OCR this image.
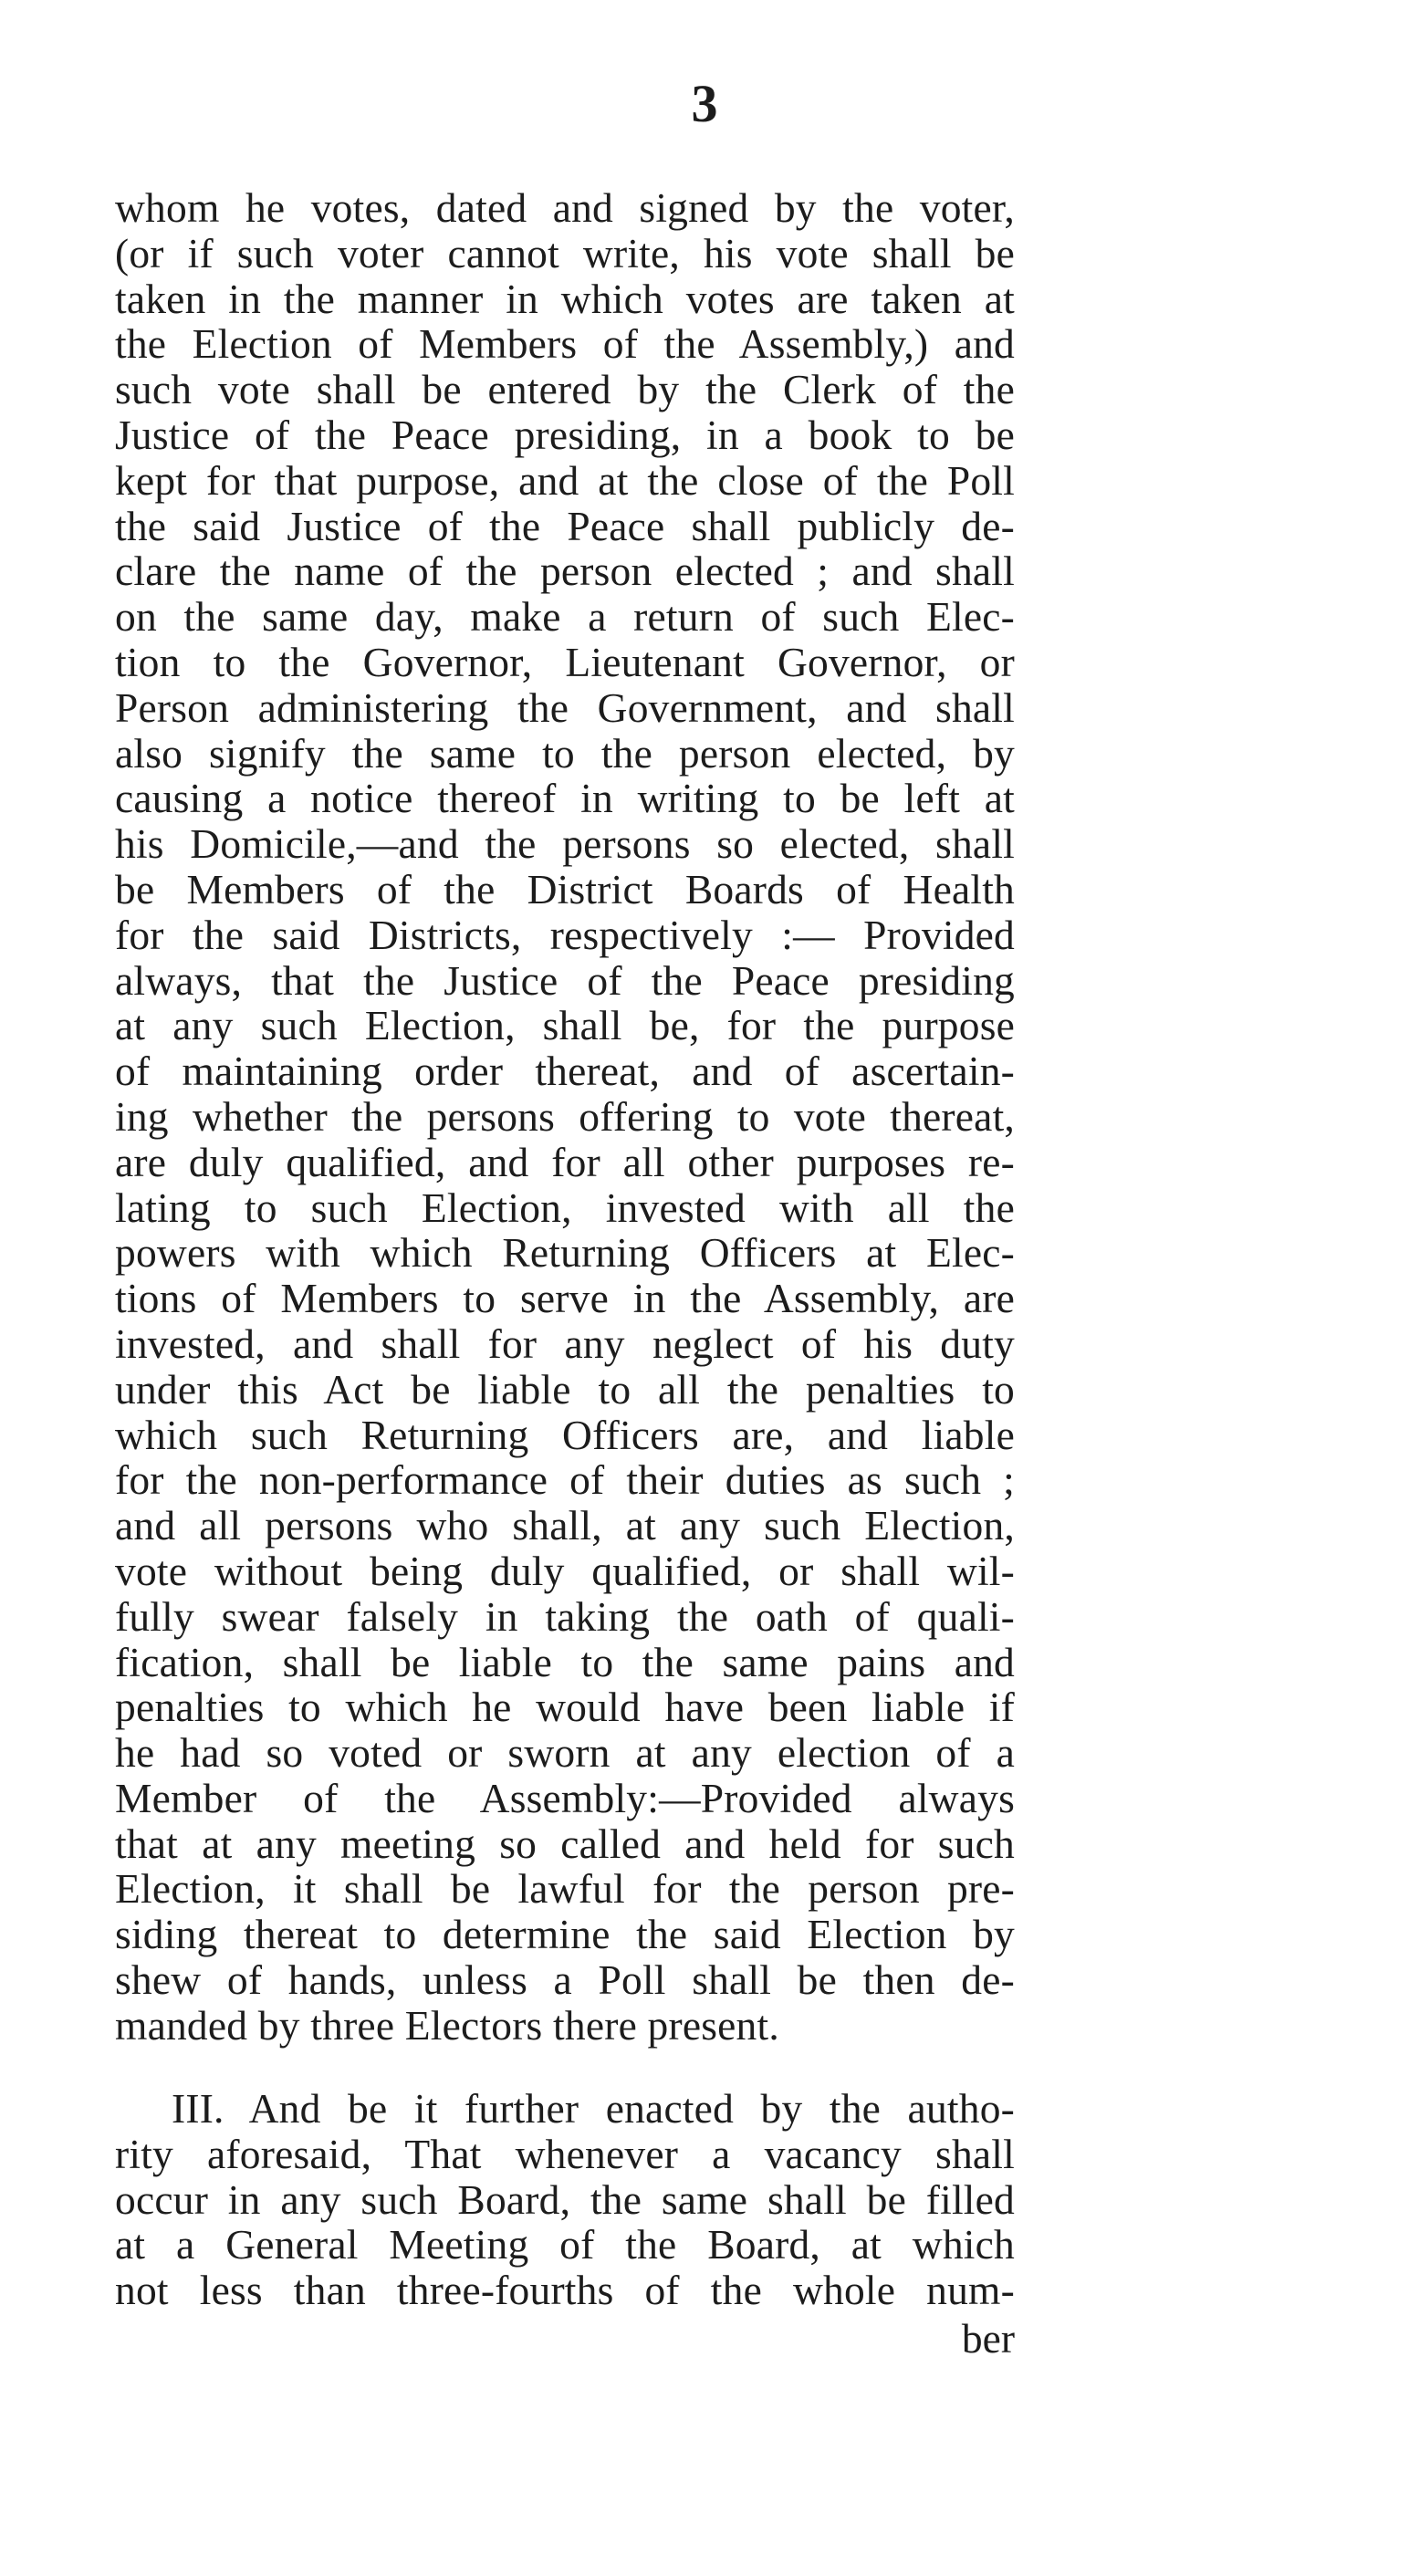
3
whom he votes, dated and signed by the voter,
(or if such voter cannot write, his vote shall be
taken in the manner in which votes are taken at
the Election of Members of the Assembly,) and
such vote shall be entered by the Clerk of the
Justice of the Peace presiding, in a book to be
kept for that purpose, and at the close of the Poll
the said Justice of the Peace shall publicly de-
clare the name of the person elected ; and shall
on the same day, make a return of such Elec-
tion to the Governor, Lieutenant Governor, or
Person administering the Government, and shall
also signify the same to the person elected, by
causing a notice thereof in writing to be left at
his Domicile,—and the persons so elected, shall
be Members of the District Boards of Health
for the said Districts, respectively :— Provided
always, that the Justice of the Peace presiding
at any such Election, shall be, for the purpose
of maintaining order thereat, and of ascertain-
ing whether the persons offering to vote thereat,
are duly qualified, and for all other purposes re-
lating to such Election, invested with all the
powers with which Returning Officers at Elec-
tions of Members to serve in the Assembly, are
invested, and shall for any neglect of his duty
under this Act be liable to all the penalties to
which such Returning Officers are, and liable
for the non-performance of their duties as such ;
and all persons who shall, at any such Election,
vote without being duly qualified, or shall wil-
fully swear falsely in taking the oath of quali-
fication, shall be liable to the same pains and
penalties to which he would have been liable if
he had so voted or sworn at any election of a
Member of the Assembly:—Provided always
that at any meeting so called and held for such
Election, it shall be lawful for the person pre-
siding thereat to determine the said Election by
shew of hands, unless a Poll shall be then de-
manded by three Electors there present.
III. And be it further enacted by the autho-
rity aforesaid, That whenever a vacancy shall
occur in any such Board, the same shall be filled
at a General Meeting of the Board, at which
not less than three-fourths of the whole num-
ber
